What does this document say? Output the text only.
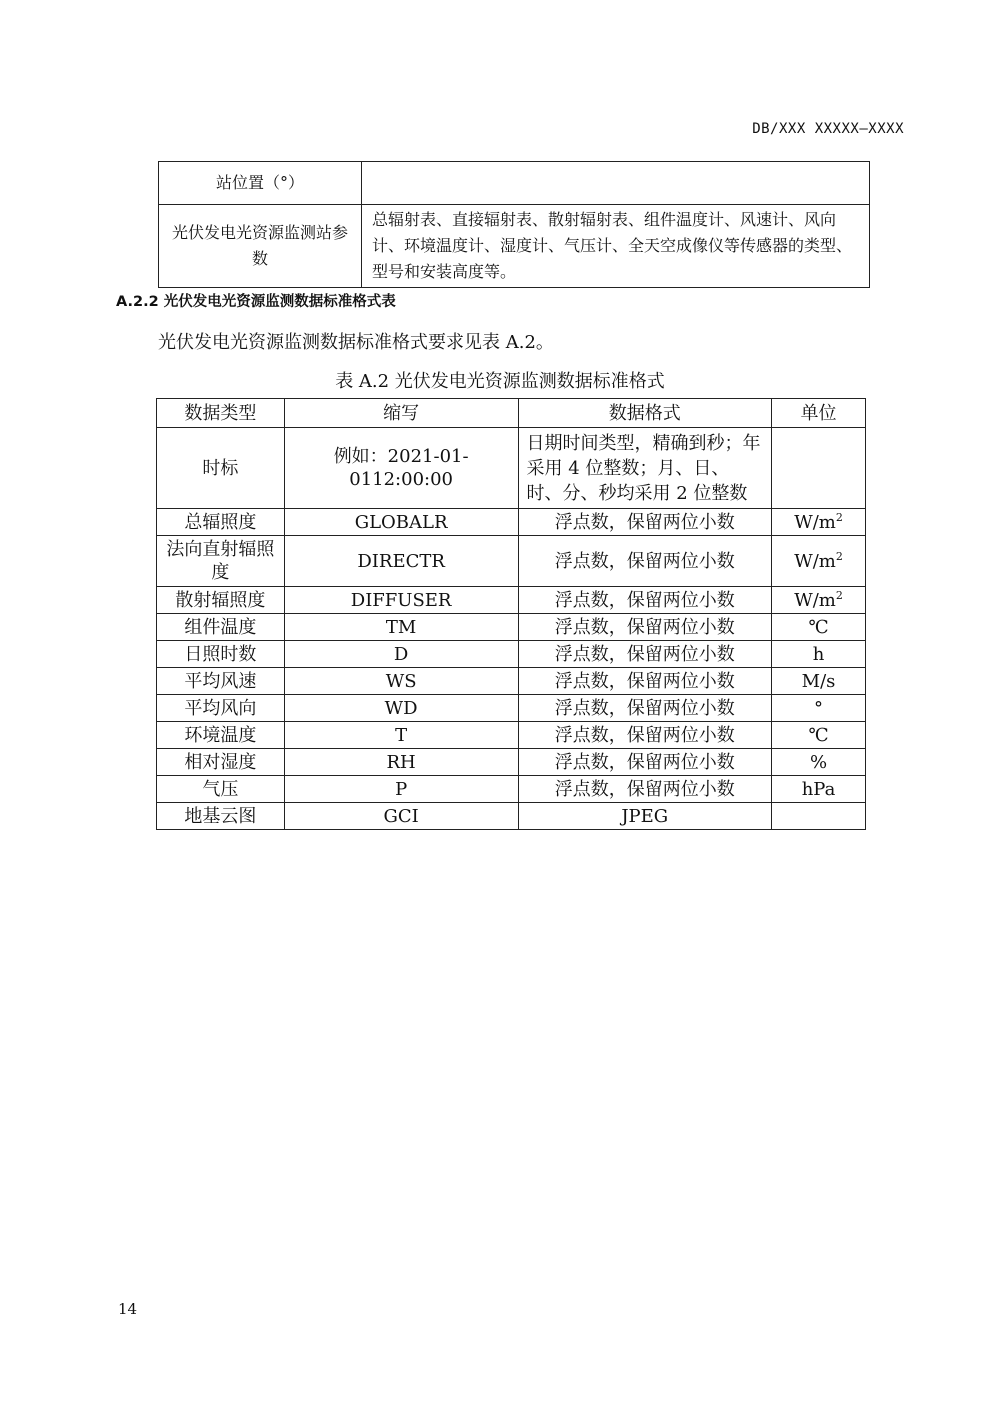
DB/XXX XXXXX—XXXX
站位置（°）	
光伏发电光资源监测站参数	总辐射表、直接辐射表、散射辐射表、组件温度计、风速计、风向计、环境温度计、湿度计、气压计、全天空成像仪等传感器的类型、型号和安装高度等。
A.2.2 光伏发电光资源监测数据标准格式表
光伏发电光资源监测数据标准格式要求见表 A.2。
表 A.2 光伏发电光资源监测数据标准格式
数据类型	缩写	数据格式	单位
时标	例如：2021-01-0112:00:00	日期时间类型，精确到秒；年采用 4 位整数；月、日、时、分、秒均采用 2 位整数	
总辐照度	GLOBALR	浮点数，保留两位小数	$W/m^2$
法向直射辐照度	DIRECTR	浮点数，保留两位小数	$W/m^2$
散射辐照度	DIFFUSER	浮点数，保留两位小数	$W/m^2$
组件温度	TM	浮点数，保留两位小数	℃
日照时数	D	浮点数，保留两位小数	h
平均风速	WS	浮点数，保留两位小数	M/s
平均风向	WD	浮点数，保留两位小数	°
环境温度	T	浮点数，保留两位小数	℃
相对湿度	RH	浮点数，保留两位小数	%
气压	P	浮点数，保留两位小数	hPa
地基云图	GCI	JPEG	
14
